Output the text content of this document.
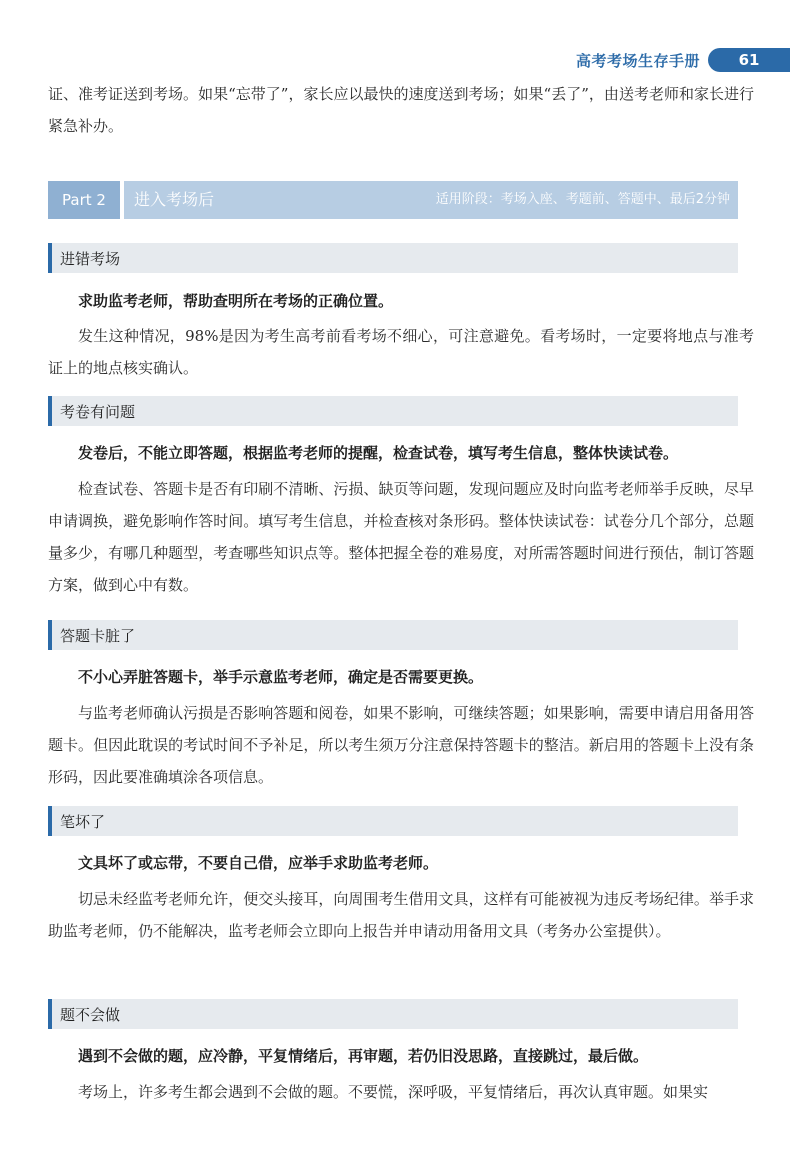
高考考场生存手册	61

证、准考证送到考场。如果“忘带了”，家长应以最快的速度送到考场；如果“丢了”，由送考老师和家长进行紧急补办。

Part 2	进入考场后	适用阶段：考场入座、考题前、答题中、最后2分钟
进错考场

求助监考老师，帮助查明所在考场的正确位置。

发生这种情况，98%是因为考生高考前看考场不细心，可注意避免。看考场时，一定要将地点与准考证上的地点核实确认。

考卷有问题

发卷后，不能立即答题，根据监考老师的提醒，检查试卷，填写考生信息，整体快读试卷。

检查试卷、答题卡是否有印刷不清晰、污损、缺页等问题，发现问题应及时向监考老师举手反映，尽早申请调换，避免影响作答时间。填写考生信息，并检查核对条形码。整体快读试卷：试卷分几个部分，总题量多少，有哪几种题型，考查哪些知识点等。整体把握全卷的难易度，对所需答题时间进行预估，制订答题方案，做到心中有数。

答题卡脏了

不小心弄脏答题卡，举手示意监考老师，确定是否需要更换。

与监考老师确认污损是否影响答题和阅卷，如果不影响，可继续答题；如果影响，需要申请启用备用答题卡。但因此耽误的考试时间不予补足，所以考生须万分注意保持答题卡的整洁。新启用的答题卡上没有条形码，因此要准确填涂各项信息。

笔坏了

文具坏了或忘带，不要自己借，应举手求助监考老师。

切忌未经监考老师允许，便交头接耳，向周围考生借用文具，这样有可能被视为违反考场纪律。举手求助监考老师，仍不能解决，监考老师会立即向上报告并申请动用备用文具（考务办公室提供）。

题不会做

遇到不会做的题，应冷静，平复情绪后，再审题，若仍旧没思路，直接跳过，最后做。

考场上，许多考生都会遇到不会做的题。不要慌，深呼吸，平复情绪后，再次认真审题。如果实
